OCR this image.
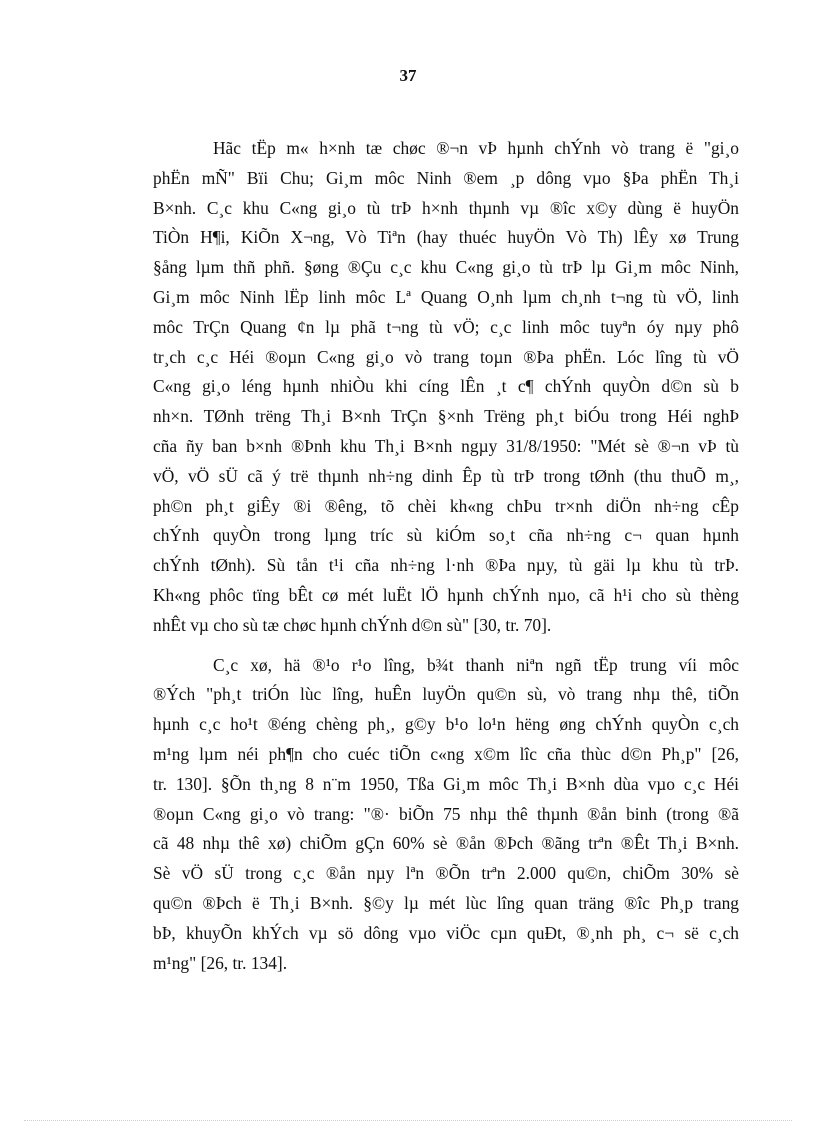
37
Hãc tËp m« h×nh tæ chøc ®¬n vÞ hµnh chÝnh vò trang ë "gi¸o
phËn mÑ" Bïi Chu; Gi¸m môc Ninh ®em ¸p dông vµo §Þa phËn Th¸i
B×nh. C¸c khu C«ng gi¸o tù trÞ h×nh thµnh vµ ®îc x©y dùng ë huyÖn
TiÒn H¶i, KiÕn X¬ng, Vò Tiªn (hay thuéc huyÖn Vò Th) lÊy xø Trung
§ång lµm thñ phñ. §øng ®Çu c¸c khu C«ng gi¸o tù trÞ lµ Gi¸m môc Ninh,
Gi¸m môc Ninh lËp linh môc Lª Quang O¸nh lµm ch¸nh t¬ng tù vÖ, linh
môc TrÇn Quang ¢n lµ phã t¬ng tù vÖ; c¸c linh môc tuyªn óy nµy phô
tr¸ch c¸c Héi ®oµn C«ng gi¸o vò trang toµn ®Þa phËn. Lóc lîng tù vÖ
C«ng gi¸o léng hµnh nhiÒu khi cíng lÊn ¸t c¶ chÝnh quyÒn d©n sù b
nh×n. TØnh trëng Th¸i B×nh TrÇn §×nh Trëng ph¸t biÓu trong Héi nghÞ
cña ñy ban b×nh ®Þnh khu Th¸i B×nh ngµy 31/8/1950: "Mét sè ®¬n vÞ tù
vÖ, vÖ sÜ cã ý trë thµnh nh÷ng dinh Êp tù trÞ trong tØnh (thu thuÕ m¸,
ph©n ph¸t giÊy ®i ®êng, tõ chèi kh«ng chÞu tr×nh diÖn nh÷ng cÊp
chÝnh quyÒn trong lµng tríc sù kiÓm so¸t cña nh÷ng c¬ quan hµnh
chÝnh tØnh). Sù tån t¹i cña nh÷ng l·nh ®Þa nµy, tù gäi lµ khu tù trÞ.
Kh«ng phôc tïng bÊt cø mét luËt lÖ hµnh chÝnh nµo, cã h¹i cho sù thèng
nhÊt vµ cho sù tæ chøc hµnh chÝnh d©n sù" [30, tr. 70].
C¸c xø, hä ®¹o r¹o lîng, b¾t thanh niªn ngñ tËp trung víi môc
®Ých "ph¸t triÓn lùc lîng, huÊn luyÖn qu©n sù, vò trang nhµ thê, tiÕn
hµnh c¸c ho¹t ®éng chèng ph¸, g©y b¹o lo¹n hëng øng chÝnh quyÒn c¸ch
m¹ng lµm néi ph¶n cho cuéc tiÕn c«ng x©m lîc cña thùc d©n Ph¸p" [26,
tr. 130]. §Õn th¸ng 8 n¨m 1950, Tßa Gi¸m môc Th¸i B×nh dùa vµo c¸c Héi
®oµn C«ng gi¸o vò trang: "®· biÕn 75 nhµ thê thµnh ®ån binh (trong ®ã
cã 48 nhµ thê xø) chiÕm gÇn 60% sè ®ån ®Þch ®ãng trªn ®Êt Th¸i B×nh.
Sè vÖ sÜ trong c¸c ®ån nµy lªn ®Õn trªn 2.000 qu©n, chiÕm 30% sè
qu©n ®Þch ë Th¸i B×nh. §©y lµ mét lùc lîng quan träng ®îc Ph¸p trang
bÞ, khuyÕn khÝch vµ sö dông vµo viÖc cµn quÐt, ®¸nh ph¸ c¬ së c¸ch
m¹ng" [26, tr. 134].
